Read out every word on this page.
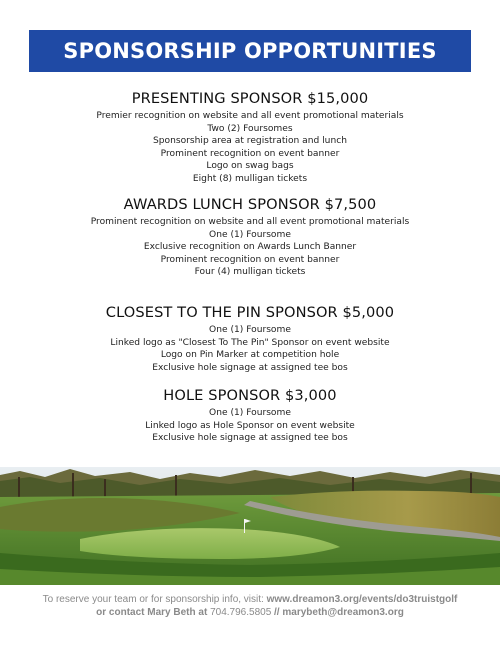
SPONSORSHIP OPPORTUNITIES
PRESENTING SPONSOR $15,000
Premier recognition on website and all event promotional materials
Two (2) Foursomes
Sponsorship area at registration and lunch
Prominent recognition on event banner
Logo on swag bags
Eight (8) mulligan tickets
AWARDS LUNCH SPONSOR $7,500
Prominent recognition on website and all event promotional materials
One (1) Foursome
Exclusive recognition on Awards Lunch Banner
Prominent recognition on event banner
Four (4) mulligan tickets
CLOSEST TO THE PIN SPONSOR $5,000
One (1) Foursome
Linked logo as "Closest To The Pin" Sponsor on event website
Logo on Pin Marker at competition hole
Exclusive hole signage at assigned tee bos
HOLE SPONSOR $3,000
One (1) Foursome
Linked logo as Hole Sponsor on event website
Exclusive hole signage at assigned tee bos
To reserve your team or for sponsorship info, visit: www.dreamon3.org/events/do3truistgolf
or contact Mary Beth at 704.796.5805 // marybeth@dreamon3.org
